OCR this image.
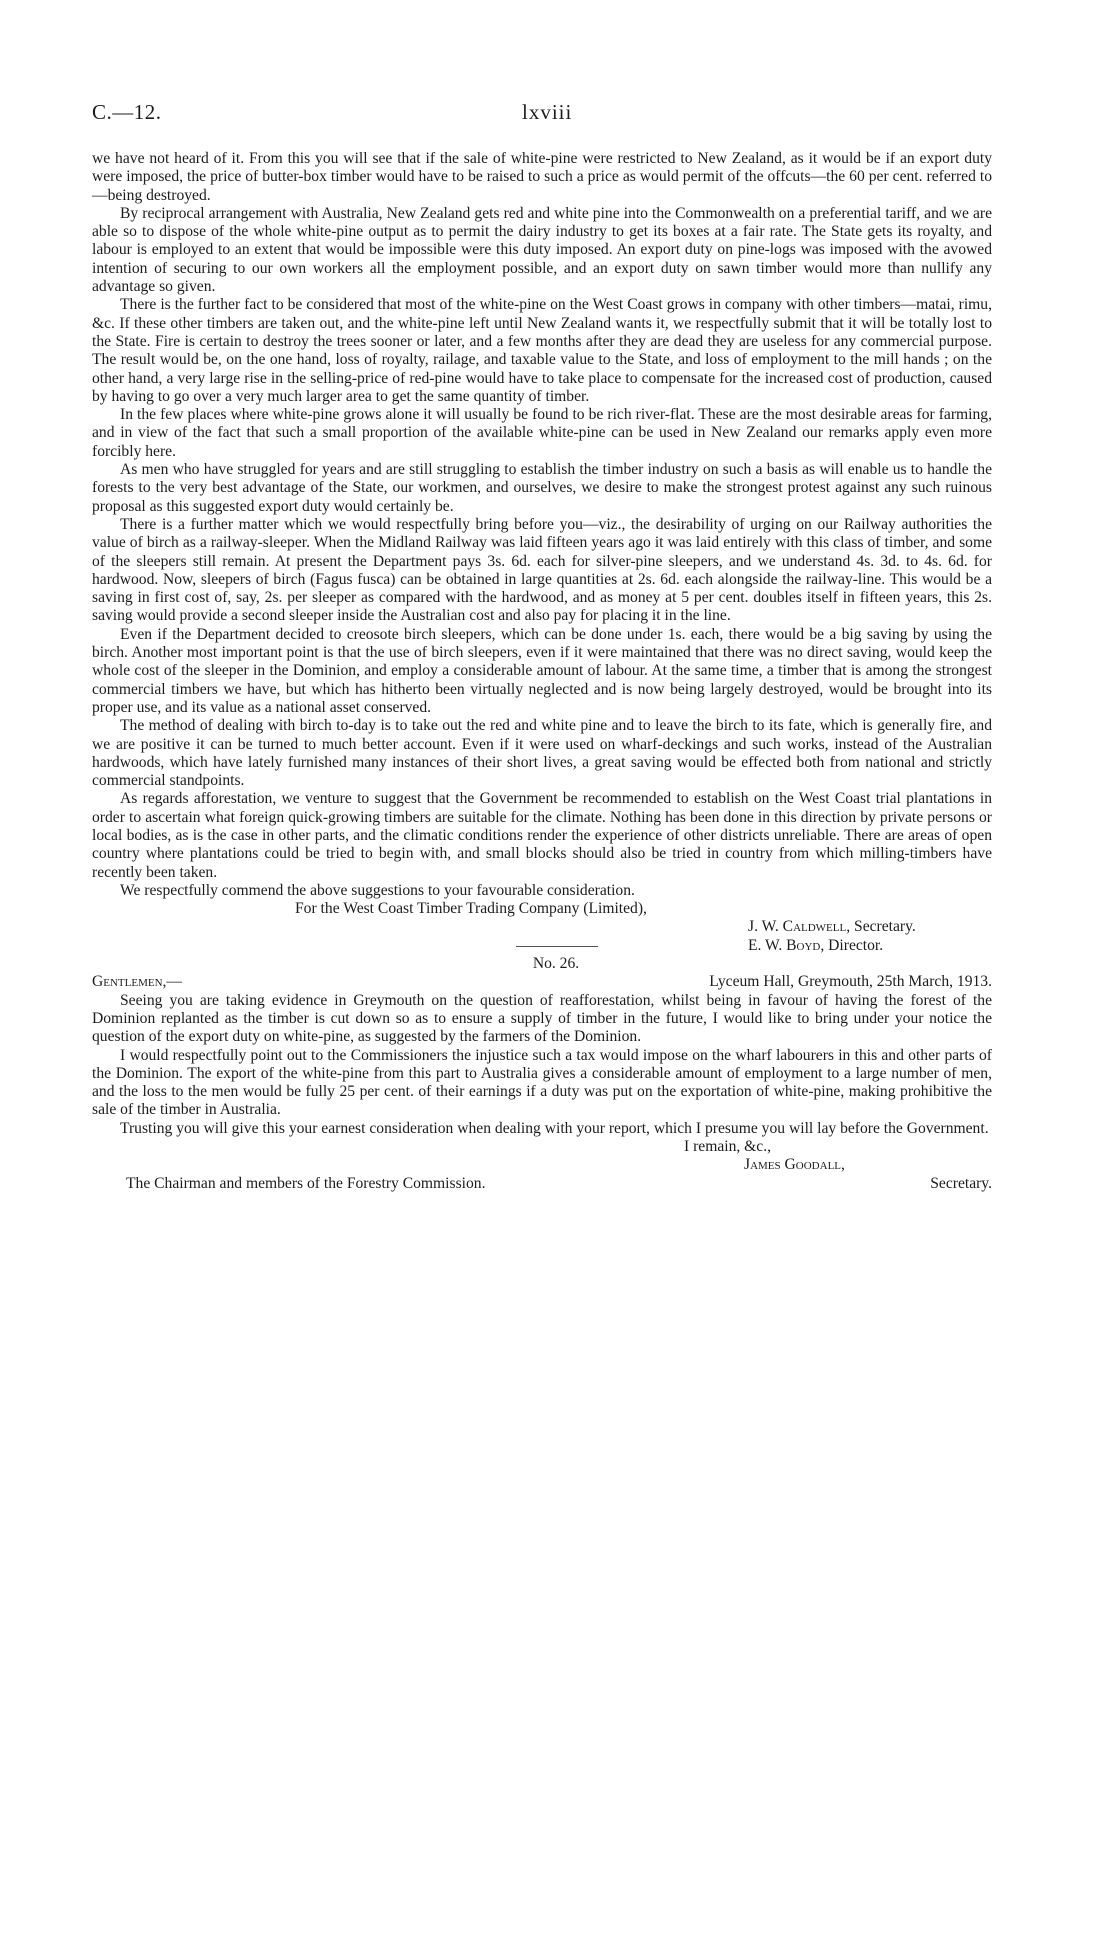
C.—12.	lxviii

we have not heard of it. From this you will see that if the sale of white-pine were restricted to New Zealand, as it would be if an export duty were imposed, the price of butter-box timber would have to be raised to such a price as would permit of the offcuts—the 60 per cent. referred to—being destroyed.

By reciprocal arrangement with Australia, New Zealand gets red and white pine into the Commonwealth on a preferential tariff, and we are able so to dispose of the whole white-pine output as to permit the dairy industry to get its boxes at a fair rate. The State gets its royalty, and labour is employed to an extent that would be impossible were this duty imposed. An export duty on pine-logs was imposed with the avowed intention of securing to our own workers all the employment possible, and an export duty on sawn timber would more than nullify any advantage so given.

There is the further fact to be considered that most of the white-pine on the West Coast grows in company with other timbers—matai, rimu, &c. If these other timbers are taken out, and the white-pine left until New Zealand wants it, we respectfully submit that it will be totally lost to the State. Fire is certain to destroy the trees sooner or later, and a few months after they are dead they are useless for any commercial purpose. The result would be, on the one hand, loss of royalty, railage, and taxable value to the State, and loss of employment to the mill hands ; on the other hand, a very large rise in the selling-price of red-pine would have to take place to compensate for the increased cost of production, caused by having to go over a very much larger area to get the same quantity of timber.

In the few places where white-pine grows alone it will usually be found to be rich river-flat. These are the most desirable areas for farming, and in view of the fact that such a small proportion of the available white-pine can be used in New Zealand our remarks apply even more forcibly here.

As men who have struggled for years and are still struggling to establish the timber industry on such a basis as will enable us to handle the forests to the very best advantage of the State, our workmen, and ourselves, we desire to make the strongest protest against any such ruinous proposal as this suggested export duty would certainly be.

There is a further matter which we would respectfully bring before you—viz., the desirability of urging on our Railway authorities the value of birch as a railway-sleeper. When the Midland Railway was laid fifteen years ago it was laid entirely with this class of timber, and some of the sleepers still remain. At present the Department pays 3s. 6d. each for silver-pine sleepers, and we understand 4s. 3d. to 4s. 6d. for hardwood. Now, sleepers of birch (Fagus fusca) can be obtained in large quantities at 2s. 6d. each alongside the railway-line. This would be a saving in first cost of, say, 2s. per sleeper as compared with the hardwood, and as money at 5 per cent. doubles itself in fifteen years, this 2s. saving would provide a second sleeper inside the Australian cost and also pay for placing it in the line.

Even if the Department decided to creosote birch sleepers, which can be done under 1s. each, there would be a big saving by using the birch. Another most important point is that the use of birch sleepers, even if it were maintained that there was no direct saving, would keep the whole cost of the sleeper in the Dominion, and employ a considerable amount of labour. At the same time, a timber that is among the strongest commercial timbers we have, but which has hitherto been virtually neglected and is now being largely destroyed, would be brought into its proper use, and its value as a national asset conserved.

The method of dealing with birch to-day is to take out the red and white pine and to leave the birch to its fate, which is generally fire, and we are positive it can be turned to much better account. Even if it were used on wharf-deckings and such works, instead of the Australian hardwoods, which have lately furnished many instances of their short lives, a great saving would be effected both from national and strictly commercial standpoints.

As regards afforestation, we venture to suggest that the Government be recommended to establish on the West Coast trial plantations in order to ascertain what foreign quick-growing timbers are suitable for the climate. Nothing has been done in this direction by private persons or local bodies, as is the case in other parts, and the climatic conditions render the experience of other districts unreliable. There are areas of open country where plantations could be tried to begin with, and small blocks should also be tried in country from which milling-timbers have recently been taken.

We respectfully commend the above suggestions to your favourable consideration.

For the West Coast Timber Trading Company (Limited),

J. W. Caldwell, Secretary.

E. W. Boyd, Director.

No. 26.

Gentlemen,—	Lyceum Hall, Greymouth, 25th March, 1913.

Seeing you are taking evidence in Greymouth on the question of reafforestation, whilst being in favour of having the forest of the Dominion replanted as the timber is cut down so as to ensure a supply of timber in the future, I would like to bring under your notice the question of the export duty on white-pine, as suggested by the farmers of the Dominion.

I would respectfully point out to the Commissioners the injustice such a tax would impose on the wharf labourers in this and other parts of the Dominion. The export of the white-pine from this part to Australia gives a considerable amount of employment to a large number of men, and the loss to the men would be fully 25 per cent. of their earnings if a duty was put on the exportation of white-pine, making prohibitive the sale of the timber in Australia.

Trusting you will give this your earnest consideration when dealing with your report, which I presume you will lay before the Government.

I remain, &c.,
James Goodall,
The Chairman and members of the Forestry Commission.	Secretary.
